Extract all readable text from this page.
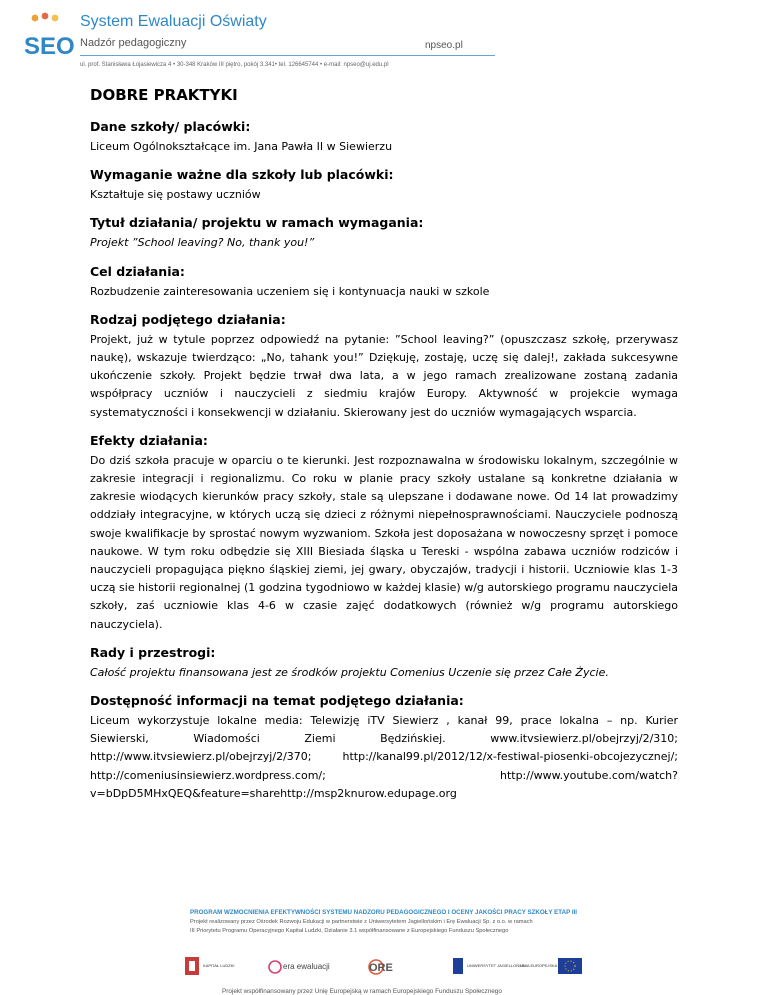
SEO
System Ewaluacji Oświaty
Nadzór pedagogiczny	npseo.pl
ul. prof. Stanisława Łojasiewicza 4 • 30-348 Kraków III piętro, pokój 3.341• tel. 126645744 • e-mail: npseo@uj.edu.pl
DOBRE PRAKTYKI
Dane szkoły/ placówki:

Liceum Ogólnokształcące im. Jana Pawła II w Siewierzu

Wymaganie ważne dla szkoły lub placówki:

Kształtuje się postawy uczniów

Tytuł działania/ projektu w ramach wymagania:

Projekt ”School leaving? No, thank you!”

Cel działania:

Rozbudzenie zainteresowania uczeniem się i kontynuacja nauki w szkole

Rodzaj podjętego działania:

Projekt, już w tytule poprzez odpowiedź na pytanie: ”School leaving?” (opuszczasz szkołę, przerywasz naukę), wskazuje twierdząco: „No, tahank you!” Dziękuję, zostaję, uczę się dalej!, zakłada sukcesywne ukończenie szkoły. Projekt będzie trwał dwa lata, a w jego ramach zrealizowane zostaną zadania współpracy uczniów i nauczycieli z siedmiu krajów Europy. Aktywność w projekcie wymaga systematyczności i konsekwencji w działaniu. Skierowany jest do uczniów wymagających wsparcia.

Efekty działania:

Do dziś szkoła pracuje w oparciu o te kierunki. Jest rozpoznawalna w środowisku lokalnym, szczególnie w zakresie integracji i regionalizmu. Co roku w planie pracy szkoły ustalane są konkretne działania w zakresie wiodących kierunków pracy szkoły, stale są ulepszane i dodawane nowe. Od 14 lat prowadzimy oddziały integracyjne, w których uczą się dzieci z różnymi niepełnosprawnościami. Nauczyciele podnoszą swoje kwalifikacje by sprostać nowym wyzwaniom. Szkoła jest doposażana w nowoczesny sprzęt i pomoce naukowe. W tym roku odbędzie się XIII Biesiada śląska u Tereski - wspólna zabawa uczniów rodziców i nauczycieli propagująca piękno śląskiej ziemi, jej gwary, obyczajów, tradycji i historii. Uczniowie klas 1-3 uczą sie historii regionalnej (1 godzina tygodniowo w każdej klasie) w/g autorskiego programu nauczyciela szkoły, zaś uczniowie klas 4-6 w czasie zajęć dodatkowych (również w/g programu autorskiego nauczyciela).

Rady i przestrogi:

Całość projektu finansowana jest ze środków projektu Comenius Uczenie się przez Całe Życie.

Dostępność informacji na temat podjętego działania:

Liceum wykorzystuje lokalne media: Telewizję iTV Siewierz , kanał 99, prace lokalna – np. Kurier Siewierski, Wiadomości Ziemi Będzińskiej. www.itvsiewierz.pl/obejrzyj/2/310; http://www.itvsiewierz.pl/obejrzyj/2/370; http://kanal99.pl/2012/12/x-festiwal-piosenki-obcojezycznej/; http://comeniusinsiewierz.wordpress.com/; http://www.youtube.com/watch?v=bDpD5MHxQEQ&feature=sharehttp://msp2knurow.edupage.org

PROGRAM WZMOCNIENIA EFEKTYWNOŚCI SYSTEMU NADZORU PEDAGOGICZNEGO I OCENY JAKOŚCI PRACY SZKOŁY ETAP III
Projekt realizowany przez Ośrodek Rozwoju Edukacji w partnerstwie z Uniwersytetem Jagiellońskim i Erę Ewaluacji Sp. z o.o. w ramach
III Priorytetu Programu Operacyjnego Kapitał Ludzki, Działanie 3.1 współfinansowane z Europejskiego Funduszu Społecznego
KAPITAŁ LUDZKI	era ewaluacji	ORE	UNIWERSYTET JAGIELLOŃSKI
UNIA EUROPEJSKA
Projekt współfinansowany przez Unię Europejską w ramach Europejskiego Funduszu Społecznego
